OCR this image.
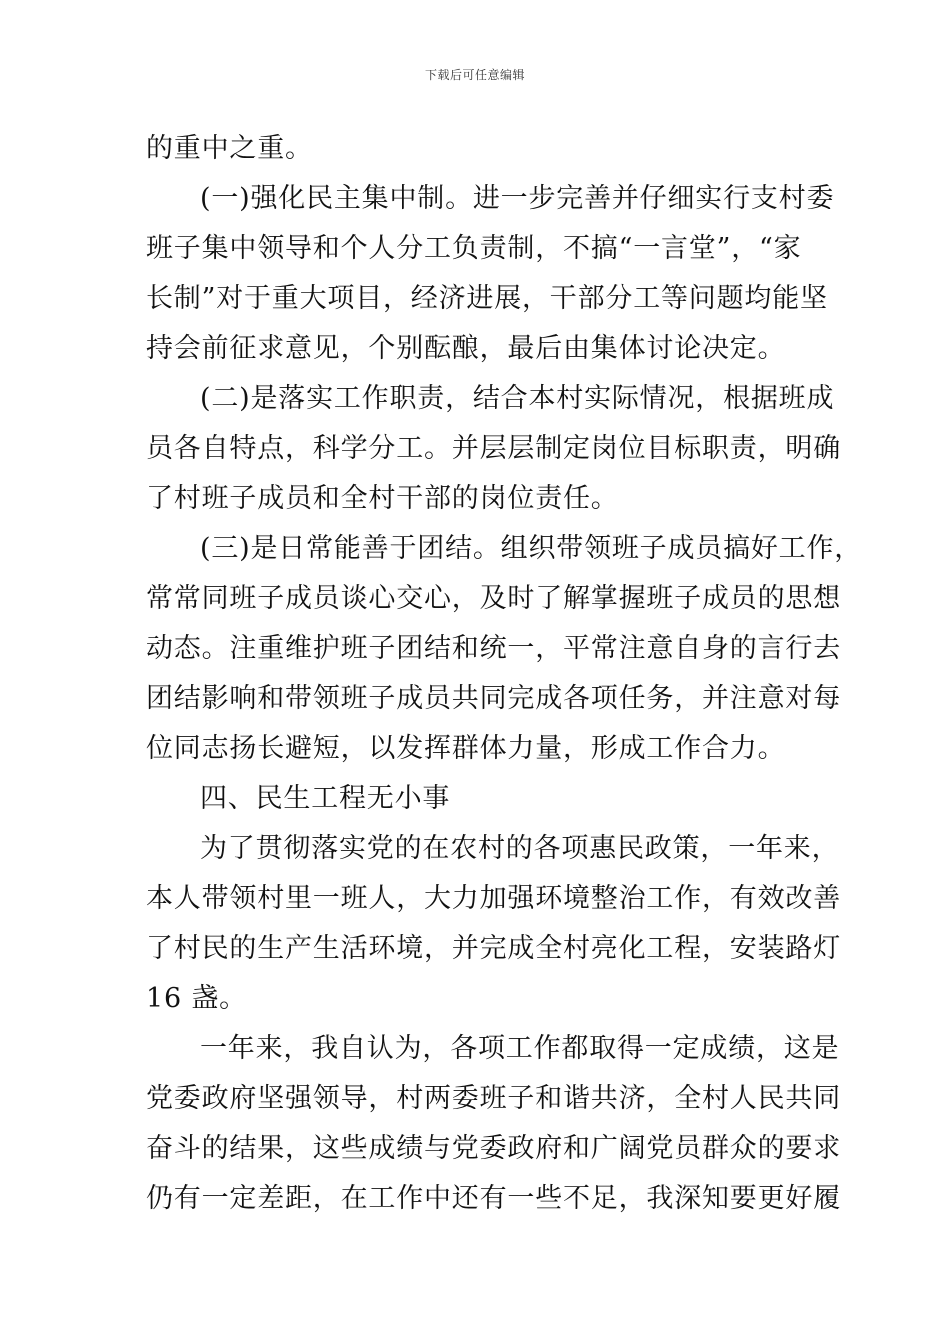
下载后可任意编辑
的重中之重。
(一)强化民主集中制。进一步完善并仔细实行支村委
班子集中领导和个人分工负责制，不搞“一言堂”，“家
长制”对于重大项目，经济进展，干部分工等问题均能坚
持会前征求意见，个别酝酿，最后由集体讨论决定。
(二)是落实工作职责，结合本村实际情况，根据班成
员各自特点，科学分工。并层层制定岗位目标职责，明确
了村班子成员和全村干部的岗位责任。
(三)是日常能善于团结。组织带领班子成员搞好工作，
常常同班子成员谈心交心，及时了解掌握班子成员的思想
动态。注重维护班子团结和统一，平常注意自身的言行去
团结影响和带领班子成员共同完成各项任务，并注意对每
位同志扬长避短，以发挥群体力量，形成工作合力。
四、民生工程无小事
为了贯彻落实党的在农村的各项惠民政策，一年来，
本人带领村里一班人，大力加强环境整治工作，有效改善
了村民的生产生活环境，并完成全村亮化工程，安装路灯
16 盏。
一年来，我自认为，各项工作都取得一定成绩，这是
党委政府坚强领导，村两委班子和谐共济，全村人民共同
奋斗的结果，这些成绩与党委政府和广阔党员群众的要求
仍有一定差距，在工作中还有一些不足，我深知要更好履
